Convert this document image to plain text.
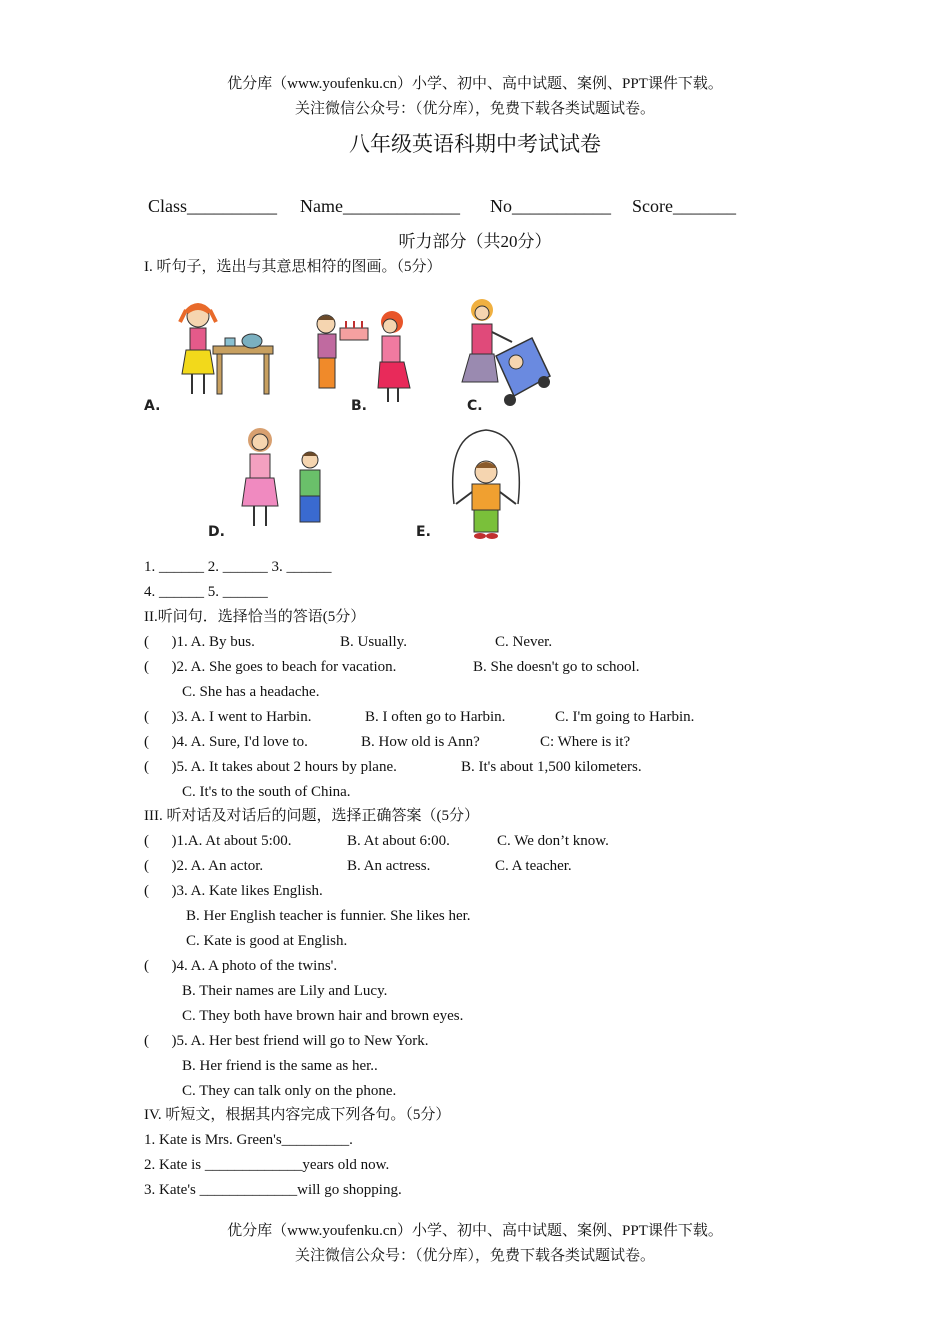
优分库（www.youfenku.cn）小学、初中、高中试题、案例、PPT课件下载。
关注微信公众号：（优分库），免费下载各类试题试卷。
八年级英语科期中考试试卷
Class__________ Name_____________ No___________ Score_______
听力部分（共20分）
I. 听句子，选出与其意思相符的图画。（5分）
A.	B.	C.
D.	E.
1. ______ 2. ______ 3. ______
4. ______ 5. ______
II.听问句．选择恰当的答语(5分）
(      )1. A. By bus.	B. Usually.	C. Never.
(      )2. A. She goes to beach for vacation.	B. She doesn't go to school.
C. She has a headache.
(      )3. A. I went to Harbin.	B. I often go to Harbin.	C. I'm going to Harbin.
(      )4. A. Sure, I'd love to.	B. How old is Ann?	C: Where is it?
(      )5. A. It takes about 2 hours by plane.	B. It's about 1,500 kilometers.
C. It's to the south of China.
III. 听对话及对话后的问题，选择正确答案（(5分）
(      )1.A. At about 5:00.	B. At about 6:00.	C. We don’t know.
(      )2. A. An actor.	B. An actress.	C. A teacher.
(      )3. A. Kate likes English.
B. Her English teacher is funnier. She likes her.
C. Kate is good at English.
(      )4. A. A photo of the twins'.
B. Their names are Lily and Lucy.
C. They both have brown hair and brown eyes.
(      )5. A. Her best friend will go to New York.
B. Her friend is the same as her..
C. They can talk only on the phone.
IV. 听短文，根据其内容完成下列各句。（5分）
1. Kate is Mrs. Green's_________.
2. Kate is _____________years old now.
3. Kate's _____________will go shopping.
优分库（www.youfenku.cn）小学、初中、高中试题、案例、PPT课件下载。
关注微信公众号：（优分库），免费下载各类试题试卷。
